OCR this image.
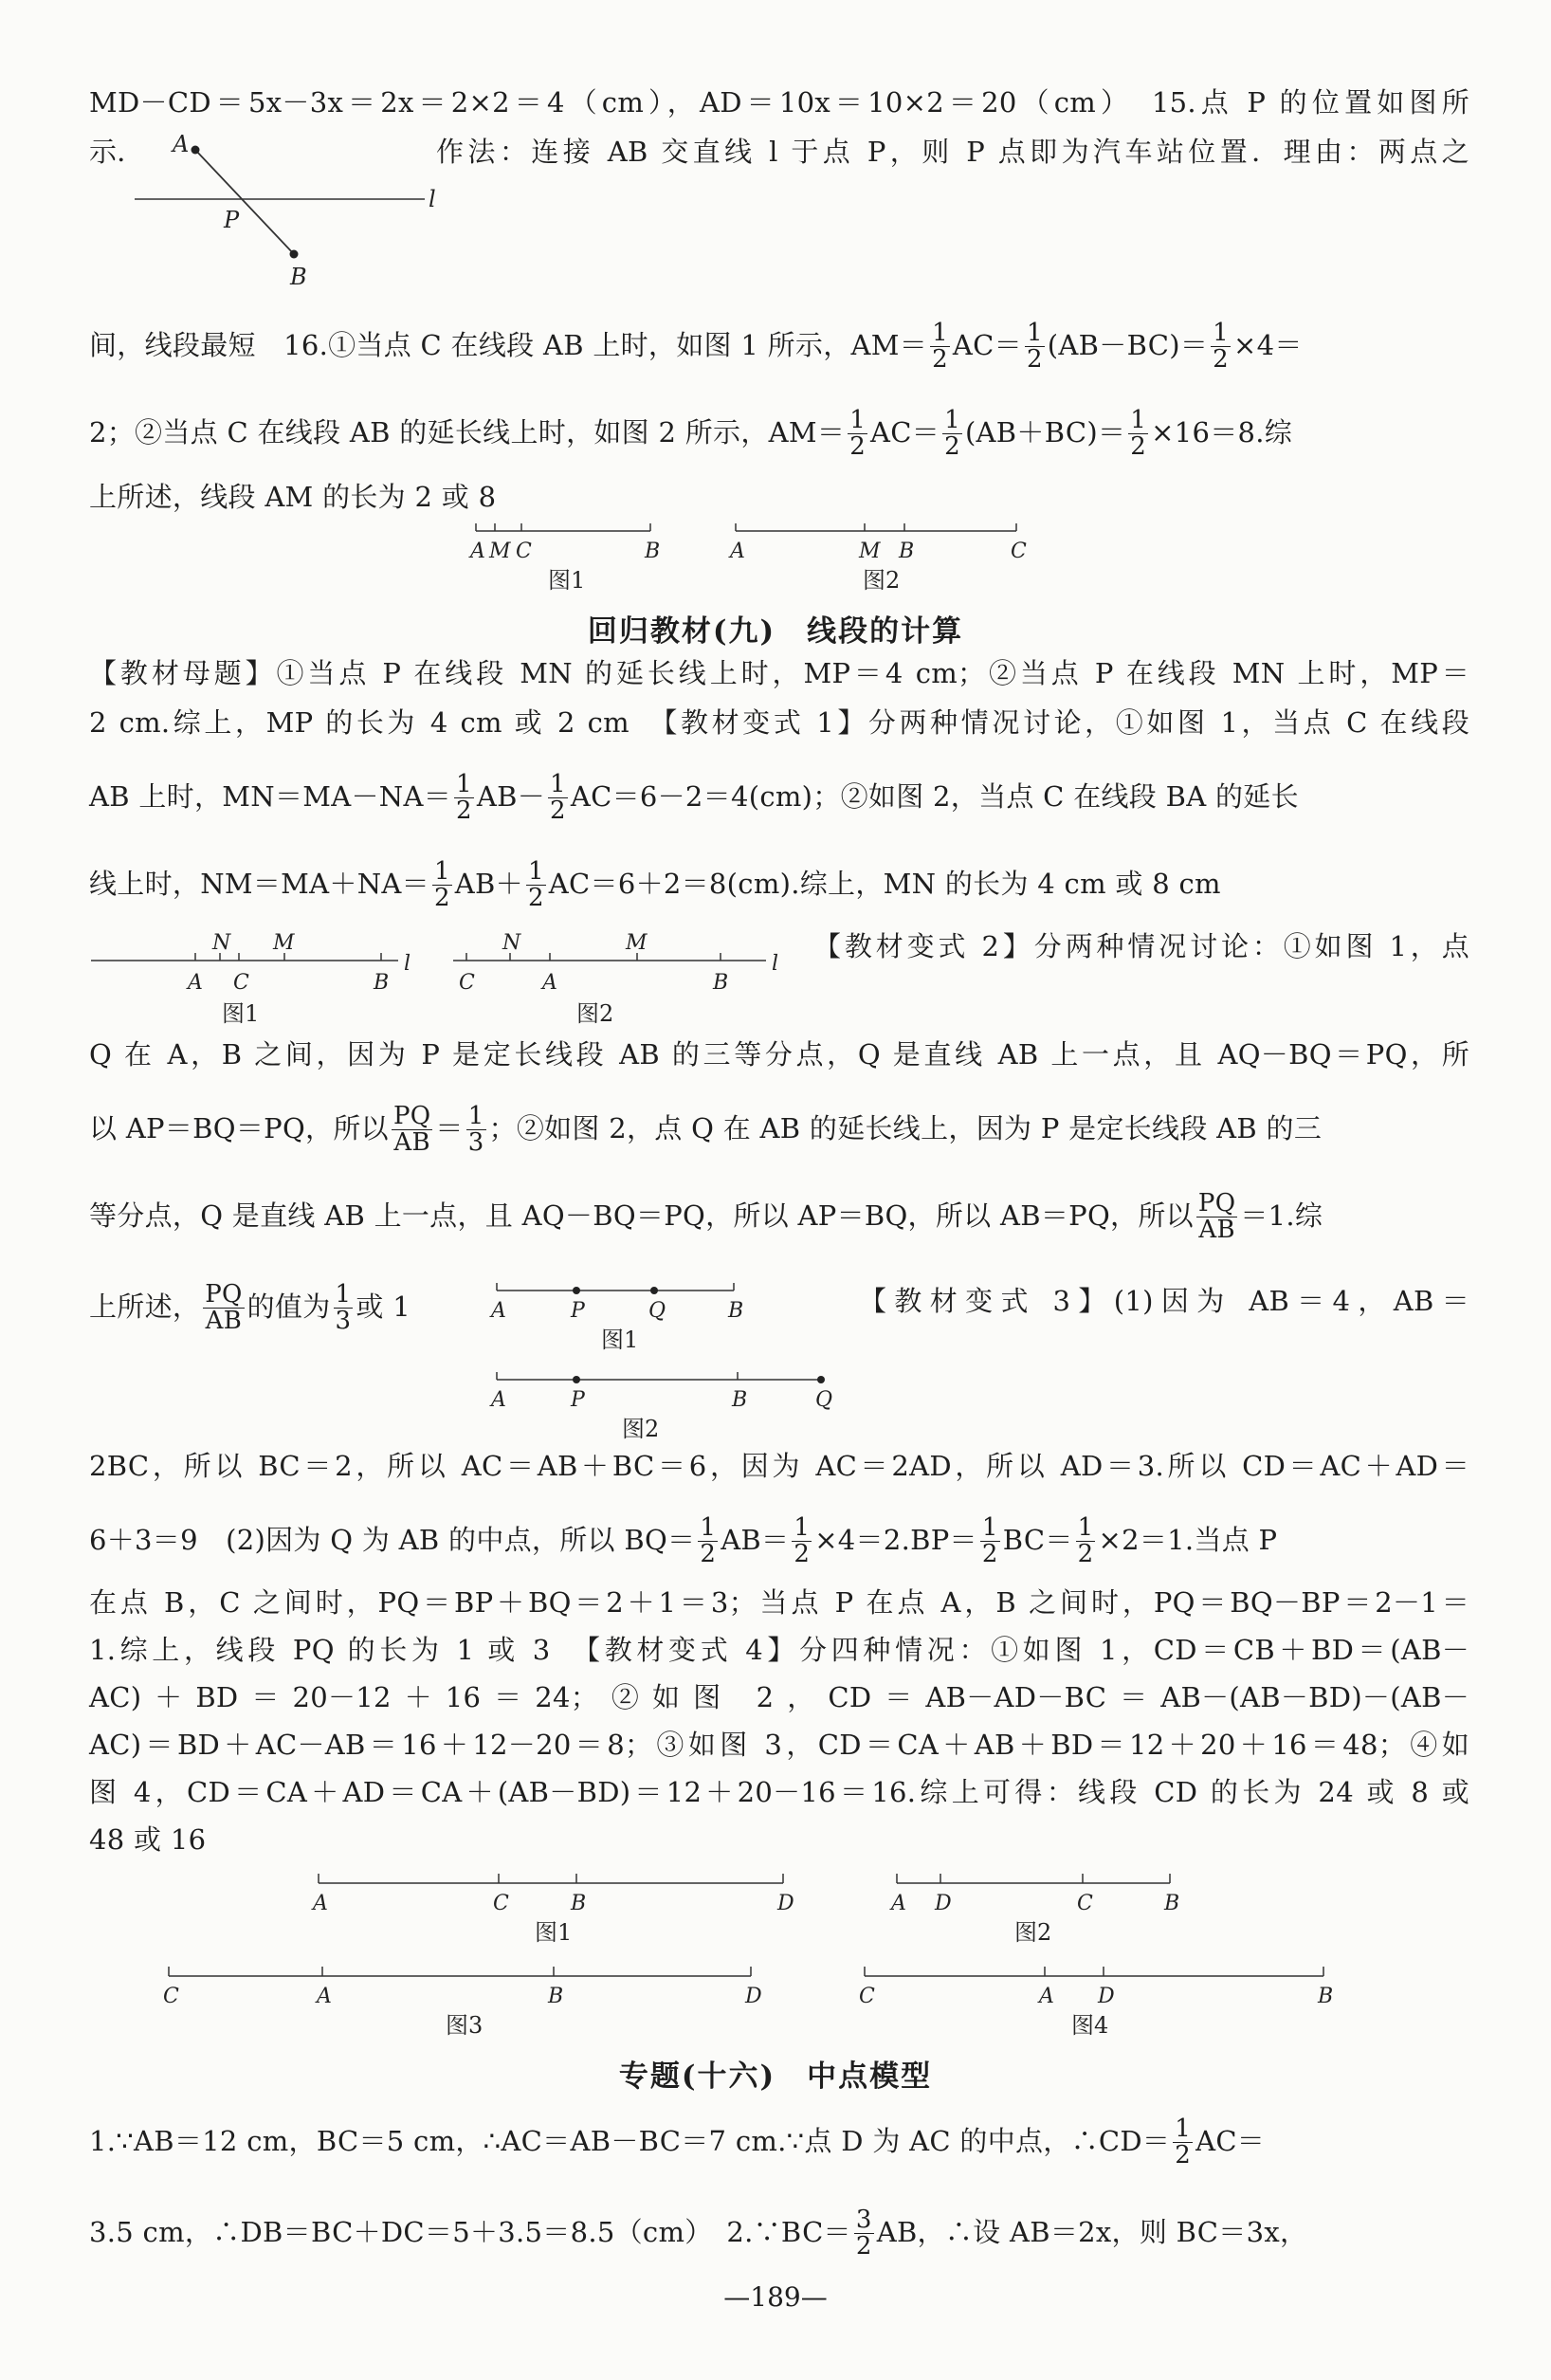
MD－CD＝5x－3x＝2x＝2×2＝4（cm），AD＝10x＝10×2＝20（cm）　15.点 P 的位置如图所
示．	作法：连接 AB 交直线 l 于点 P，则 P 点即为汽车站位置．理由：两点之
A
P
B
l
间，线段最短　16.①当点 C 在线段 AB 上时，如图 1 所示，$AM= \frac{1}{2} AC= \frac{1}{2} (AB-BC)= \frac{1}{2} \times 4=$
2；②当点 C 在线段 AB 的延长线上时，如图 2 所示，$AM= \frac{1}{2} AC= \frac{1}{2} (AB+BC)= \frac{1}{2} \times 16=8$.综
上所述，线段 AM 的长为 2 或 8
A M C	B
图1
A	M B	C
图2
回归教材(九)　线段的计算
【教材母题】①当点 P 在线段 MN 的延长线上时，MP＝4 cm；②当点 P 在线段 MN 上时，MP＝
2 cm.综上，MP 的长为 4 cm 或 2 cm　【教材变式 1】分两种情况讨论，①如图 1，当点 C 在线段
AB 上时，$MN=MA-NA= \frac{1}{2} AB- \frac{1}{2} AC=6-2=4(cm)$；②如图 2，当点 C 在线段 BA 的延长
线上时，$NM=MA+NA= \frac{1}{2} AB+ \frac{1}{2} AC=6+2=8(cm)$.综上，MN 的长为 4 cm 或 8 cm
N M
A C	B
l
图1
N	M
C	A	B
l
图2
【教材变式 2】分两种情况讨论：①如图 1，点
Q 在 A，B 之间，因为 P 是定长线段 AB 的三等分点，Q 是直线 AB 上一点，且 AQ－BQ＝PQ，所
以 AP＝BQ＝PQ，所以 $\frac{PQ}{AB} = \frac{1}{3}$ ；②如图 2，点 Q 在 AB 的延长线上，因为 P 是定长线段 AB 的三
等分点，Q 是直线 AB 上一点，且 AQ－BQ＝PQ，所以 AP＝BQ，所以 AB＝PQ，所以 $\frac{PQ}{AB} =1$.综
上所述， $\frac{PQ}{AB}$ 的值为 $\frac{1}{3}$ 或 1	【教材变式 3】(1)因为 AB＝4，AB＝
A	P	Q	B
图1
A	P	B	Q
图2
2BC，所以 BC＝2，所以 AC＝AB＋BC＝6，因为 AC＝2AD，所以 AD＝3.所以 CD＝AC＋AD＝
6＋3＝9　(2)因为 Q 为 AB 的中点，所以 $BQ= \frac{1}{2} AB= \frac{1}{2} \times 4=2.BP= \frac{1}{2} BC= \frac{1}{2} \times 2=1$.当点 P
在点 B，C 之间时，PQ＝BP＋BQ＝2＋1＝3；当点 P 在点 A，B 之间时，PQ＝BQ－BP＝2－1＝
1.综上，线段 PQ 的长为 1 或 3　【教材变式 4】分四种情况：①如图 1，CD＝CB＋BD＝(AB－
AC)＋BD＝20－12＋16＝24；②如图 2，CD＝AB－AD－BC＝AB－(AB－BD)－(AB－
AC)＝BD＋AC－AB＝16＋12－20＝8；③如图 3，CD＝CA＋AB＋BD＝12＋20＋16＝48；④如
图 4，CD＝CA＋AD＝CA＋(AB－BD)＝12＋20－16＝16.综上可得：线段 CD 的长为 24 或 8 或
48 或 16
A	C	B	D
图1
A D	C	B
图2
C	A	B	D
图3
C	A D	B
图4
专题(十六)　中点模型
1.∵AB＝12 cm，BC＝5 cm，∴AC＝AB－BC＝7 cm.∵点 D 为 AC 的中点，∴CD＝ $\frac{1}{2} AC=$
3.5 cm，∴DB＝BC＋DC＝5＋3.5＝8.5（cm）　2.∵BC＝ $\frac{3}{2}$ AB，∴设 AB＝2x，则 BC＝3x，
—189—
